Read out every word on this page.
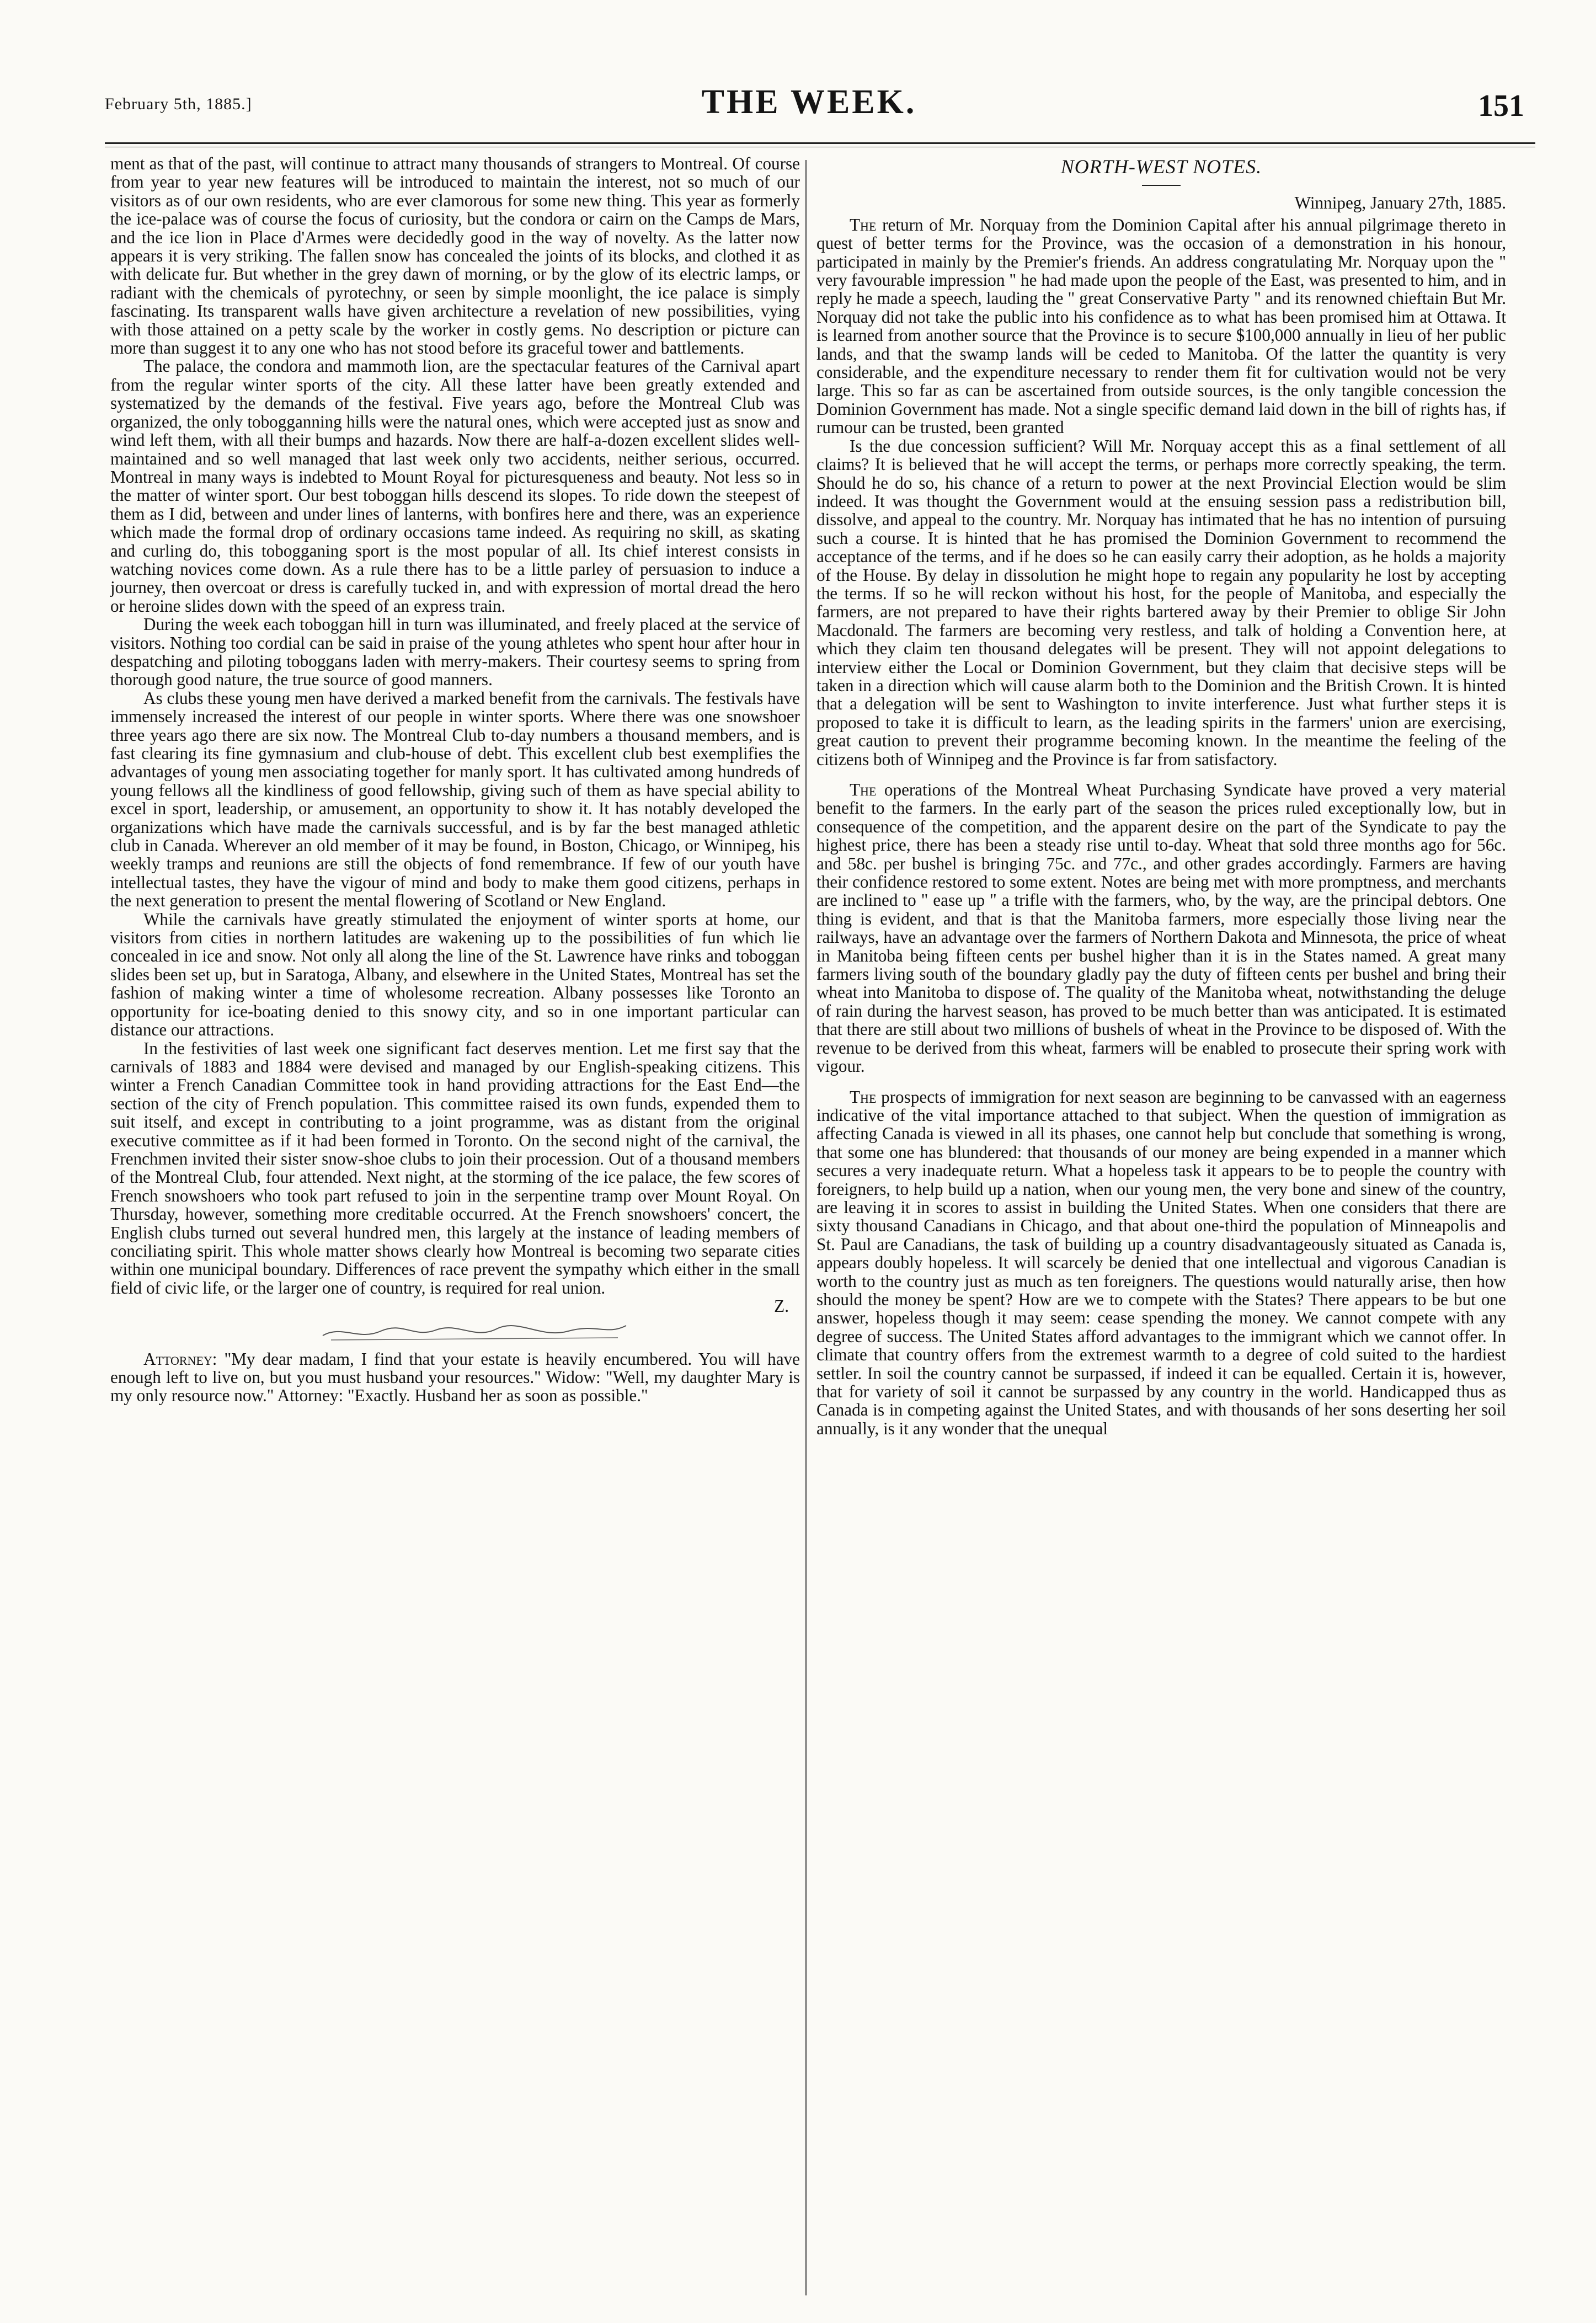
February 5th, 1885.]	THE WEEK.	151

ment as that of the past, will continue to attract many thousands of strangers to Montreal. Of course from year to year new features will be introduced to maintain the interest, not so much of our visitors as of our own residents, who are ever clamorous for some new thing. This year as formerly the ice-palace was of course the focus of curiosity, but the condora or cairn on the Camps de Mars, and the ice lion in Place d'Armes were decidedly good in the way of novelty. As the latter now appears it is very striking. The fallen snow has concealed the joints of its blocks, and clothed it as with delicate fur. But whether in the grey dawn of morning, or by the glow of its electric lamps, or radiant with the chemicals of pyrotechny, or seen by simple moonlight, the ice palace is simply fascinating. Its transparent walls have given architecture a revelation of new possibilities, vying with those attained on a petty scale by the worker in costly gems. No description or picture can more than suggest it to any one who has not stood before its graceful tower and battlements.

The palace, the condora and mammoth lion, are the spectacular features of the Carnival apart from the regular winter sports of the city. All these latter have been greatly extended and systematized by the demands of the festival. Five years ago, before the Montreal Club was organized, the only tobogganning hills were the natural ones, which were accepted just as snow and wind left them, with all their bumps and hazards. Now there are half-a-dozen excellent slides well-maintained and so well managed that last week only two accidents, neither serious, occurred. Montreal in many ways is indebted to Mount Royal for picturesqueness and beauty. Not less so in the matter of winter sport. Our best toboggan hills descend its slopes. To ride down the steepest of them as I did, between and under lines of lanterns, with bonfires here and there, was an experience which made the formal drop of ordinary occasions tame indeed. As requiring no skill, as skating and curling do, this tobogganing sport is the most popular of all. Its chief interest consists in watching novices come down. As a rule there has to be a little parley of persuasion to induce a journey, then overcoat or dress is carefully tucked in, and with expression of mortal dread the hero or heroine slides down with the speed of an express train.

During the week each toboggan hill in turn was illuminated, and freely placed at the service of visitors. Nothing too cordial can be said in praise of the young athletes who spent hour after hour in despatching and piloting toboggans laden with merry-makers. Their courtesy seems to spring from thorough good nature, the true source of good manners.

As clubs these young men have derived a marked benefit from the carnivals. The festivals have immensely increased the interest of our people in winter sports. Where there was one snowshoer three years ago there are six now. The Montreal Club to-day numbers a thousand members, and is fast clearing its fine gymnasium and club-house of debt. This excellent club best exemplifies the advantages of young men associating together for manly sport. It has cultivated among hundreds of young fellows all the kindliness of good fellowship, giving such of them as have special ability to excel in sport, leadership, or amusement, an opportunity to show it. It has notably developed the organizations which have made the carnivals successful, and is by far the best managed athletic club in Canada. Wherever an old member of it may be found, in Boston, Chicago, or Winnipeg, his weekly tramps and reunions are still the objects of fond remembrance. If few of our youth have intellectual tastes, they have the vigour of mind and body to make them good citizens, perhaps in the next generation to present the mental flowering of Scotland or New England.

While the carnivals have greatly stimulated the enjoyment of winter sports at home, our visitors from cities in northern latitudes are wakening up to the possibilities of fun which lie concealed in ice and snow. Not only all along the line of the St. Lawrence have rinks and toboggan slides been set up, but in Saratoga, Albany, and elsewhere in the United States, Montreal has set the fashion of making winter a time of wholesome recreation. Albany possesses like Toronto an opportunity for ice-boating denied to this snowy city, and so in one important particular can distance our attractions.

In the festivities of last week one significant fact deserves mention. Let me first say that the carnivals of 1883 and 1884 were devised and managed by our English-speaking citizens. This winter a French Canadian Committee took in hand providing attractions for the East End—the section of the city of French population. This committee raised its own funds, expended them to suit itself, and except in contributing to a joint programme, was as distant from the original executive committee as if it had been formed in Toronto. On the second night of the carnival, the Frenchmen invited their sister snow-shoe clubs to join their procession. Out of a thousand members of the Montreal Club, four attended. Next night, at the storming of the ice palace, the few scores of French snowshoers who took part refused to join in the serpentine tramp over Mount Royal. On Thursday, however, something more creditable occurred. At the French snowshoers' concert, the English clubs turned out several hundred men, this largely at the instance of leading members of conciliating spirit. This whole matter shows clearly how Montreal is becoming two separate cities within one municipal boundary. Differences of race prevent the sympathy which either in the small field of civic life, or the larger one of country, is required for real union.

Z.

Attorney: "My dear madam, I find that your estate is heavily encumbered. You will have enough left to live on, but you must husband your resources." Widow: "Well, my daughter Mary is my only resource now." Attorney: "Exactly. Husband her as soon as possible."

NORTH-WEST NOTES.
Winnipeg, January 27th, 1885.

The return of Mr. Norquay from the Dominion Capital after his annual pilgrimage thereto in quest of better terms for the Province, was the occasion of a demonstration in his honour, participated in mainly by the Premier's friends. An address congratulating Mr. Norquay upon the " very favourable impression " he had made upon the people of the East, was presented to him, and in reply he made a speech, lauding the " great Conservative Party " and its renowned chieftain But Mr. Norquay did not take the public into his confidence as to what has been promised him at Ottawa. It is learned from another source that the Province is to secure $100,000 annually in lieu of her public lands, and that the swamp lands will be ceded to Manitoba. Of the latter the quantity is very considerable, and the expenditure necessary to render them fit for cultivation would not be very large. This so far as can be ascertained from outside sources, is the only tangible concession the Dominion Government has made. Not a single specific demand laid down in the bill of rights has, if rumour can be trusted, been granted

Is the due concession sufficient? Will Mr. Norquay accept this as a final settlement of all claims? It is believed that he will accept the terms, or perhaps more correctly speaking, the term. Should he do so, his chance of a return to power at the next Provincial Election would be slim indeed. It was thought the Government would at the ensuing session pass a redistribution bill, dissolve, and appeal to the country. Mr. Norquay has intimated that he has no intention of pursuing such a course. It is hinted that he has promised the Dominion Government to recommend the acceptance of the terms, and if he does so he can easily carry their adoption, as he holds a majority of the House. By delay in dissolution he might hope to regain any popularity he lost by accepting the terms. If so he will reckon without his host, for the people of Manitoba, and especially the farmers, are not prepared to have their rights bartered away by their Premier to oblige Sir John Macdonald. The farmers are becoming very restless, and talk of holding a Convention here, at which they claim ten thousand delegates will be present. They will not appoint delegations to interview either the Local or Dominion Government, but they claim that decisive steps will be taken in a direction which will cause alarm both to the Dominion and the British Crown. It is hinted that a delegation will be sent to Washington to invite interference. Just what further steps it is proposed to take it is difficult to learn, as the leading spirits in the farmers' union are exercising, great caution to prevent their programme becoming known. In the meantime the feeling of the citizens both of Winnipeg and the Province is far from satisfactory.

The operations of the Montreal Wheat Purchasing Syndicate have proved a very material benefit to the farmers. In the early part of the season the prices ruled exceptionally low, but in consequence of the competition, and the apparent desire on the part of the Syndicate to pay the highest price, there has been a steady rise until to-day. Wheat that sold three months ago for 56c. and 58c. per bushel is bringing 75c. and 77c., and other grades accordingly. Farmers are having their confidence restored to some extent. Notes are being met with more promptness, and merchants are inclined to " ease up " a trifle with the farmers, who, by the way, are the principal debtors. One thing is evident, and that is that the Manitoba farmers, more especially those living near the railways, have an advantage over the farmers of Northern Dakota and Minnesota, the price of wheat in Manitoba being fifteen cents per bushel higher than it is in the States named. A great many farmers living south of the boundary gladly pay the duty of fifteen cents per bushel and bring their wheat into Manitoba to dispose of. The quality of the Manitoba wheat, notwithstanding the deluge of rain during the harvest season, has proved to be much better than was anticipated. It is estimated that there are still about two millions of bushels of wheat in the Province to be disposed of. With the revenue to be derived from this wheat, farmers will be enabled to prosecute their spring work with vigour.

The prospects of immigration for next season are beginning to be canvassed with an eagerness indicative of the vital importance attached to that subject. When the question of immigration as affecting Canada is viewed in all its phases, one cannot help but conclude that something is wrong, that some one has blundered: that thousands of our money are being expended in a manner which secures a very inadequate return. What a hopeless task it appears to be to people the country with foreigners, to help build up a nation, when our young men, the very bone and sinew of the country, are leaving it in scores to assist in building the United States. When one considers that there are sixty thousand Canadians in Chicago, and that about one-third the population of Minneapolis and St. Paul are Canadians, the task of building up a country disadvantageously situated as Canada is, appears doubly hopeless. It will scarcely be denied that one intellectual and vigorous Canadian is worth to the country just as much as ten foreigners. The questions would naturally arise, then how should the money be spent? How are we to compete with the States? There appears to be but one answer, hopeless though it may seem: cease spending the money. We cannot compete with any degree of success. The United States afford advantages to the immigrant which we cannot offer. In climate that country offers from the extremest warmth to a degree of cold suited to the hardiest settler. In soil the country cannot be surpassed, if indeed it can be equalled. Certain it is, however, that for variety of soil it cannot be surpassed by any country in the world. Handicapped thus as Canada is in competing against the United States, and with thousands of her sons deserting her soil annually, is it any wonder that the unequal
